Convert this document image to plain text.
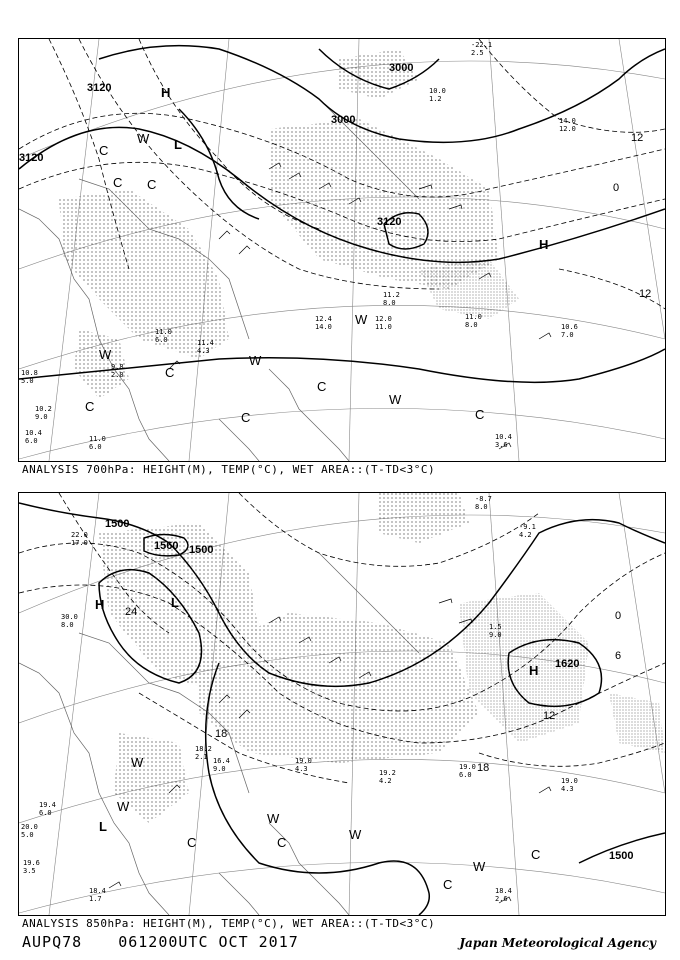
3120
3120
3000
3120
3000
12
0
12
H
L
H
W
C
C
C
W
C
W
W
C
C	W
C	C
11.0
8.0	10.6
7.0
10.4
3.6
11.2
8.0
12.0
11.0
12.4
14.0
11.4
4.3
11.0
6.0
10.8
5.0
10.2
9.0
10.4
6.0	11.0
6.0
9.8
2.0
10.0
1.2
14.0
12.0
-22.1
2.5
ANALYSIS 700hPa: HEIGHT(M), TEMP(°C), WET AREA::(T-TD<3°C)
1500
1560 1500
1620
1500
24
18
12
6
0
18
H	L
H
L
W
C
W
C
W
W
C
C
W
19.0
4.3
18.4
2.6
18.4
1.7
19.2
4.2
19.0
4.3
20.0
5.0
19.6
3.5
19.4
6.0
18.2
2.1 16.4
9.0
30.0
8.0
22.0
17.0
-8.7
8.0
-9.1
4.2
19.0
6.0
1.5
9.0
ANALYSIS 850hPa: HEIGHT(M), TEMP(°C), WET AREA::(T-TD<3°C)
AUPQ78 061200UTC OCT 2017	Japan Meteorological Agency
